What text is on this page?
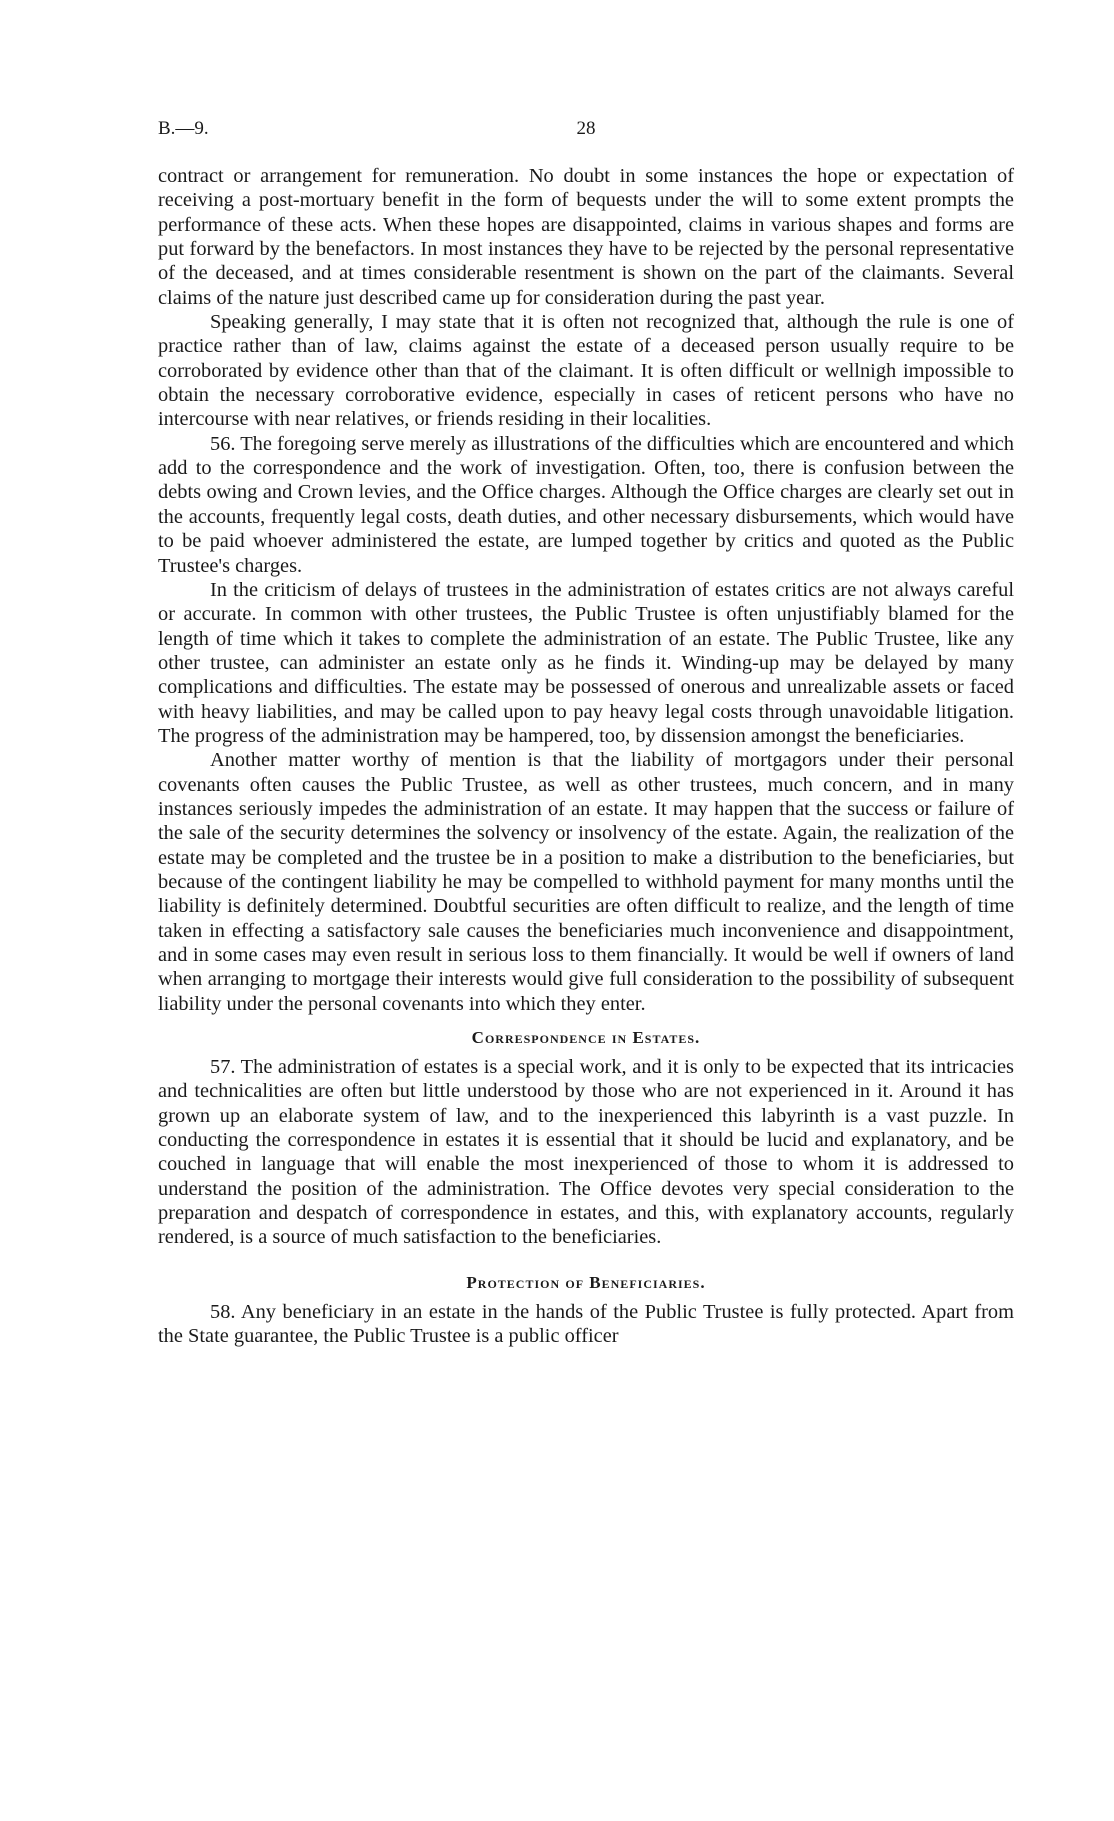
B.—9.	28

contract or arrangement for remuneration. No doubt in some instances the hope or expectation of receiving a post-mortuary benefit in the form of bequests under the will to some extent prompts the performance of these acts. When these hopes are disappointed, claims in various shapes and forms are put forward by the benefactors. In most instances they have to be rejected by the personal representative of the deceased, and at times considerable resentment is shown on the part of the claimants. Several claims of the nature just described came up for consideration during the past year.

Speaking generally, I may state that it is often not recognized that, although the rule is one of practice rather than of law, claims against the estate of a deceased person usually require to be corroborated by evidence other than that of the claimant. It is often difficult or wellnigh impossible to obtain the necessary corroborative evidence, especially in cases of reticent persons who have no intercourse with near relatives, or friends residing in their localities.

56. The foregoing serve merely as illustrations of the difficulties which are encountered and which add to the correspondence and the work of investigation. Often, too, there is confusion between the debts owing and Crown levies, and the Office charges. Although the Office charges are clearly set out in the accounts, frequently legal costs, death duties, and other necessary disbursements, which would have to be paid whoever administered the estate, are lumped together by critics and quoted as the Public Trustee's charges.

In the criticism of delays of trustees in the administration of estates critics are not always careful or accurate. In common with other trustees, the Public Trustee is often unjustifiably blamed for the length of time which it takes to complete the administration of an estate. The Public Trustee, like any other trustee, can administer an estate only as he finds it. Winding-up may be delayed by many complications and difficulties. The estate may be possessed of onerous and unrealizable assets or faced with heavy liabilities, and may be called upon to pay heavy legal costs through unavoidable litigation. The progress of the administration may be hampered, too, by dissension amongst the beneficiaries.

Another matter worthy of mention is that the liability of mortgagors under their personal covenants often causes the Public Trustee, as well as other trustees, much concern, and in many instances seriously impedes the administration of an estate. It may happen that the success or failure of the sale of the security determines the solvency or insolvency of the estate. Again, the realization of the estate may be completed and the trustee be in a position to make a distribution to the beneficiaries, but because of the contingent liability he may be compelled to withhold payment for many months until the liability is definitely determined. Doubtful securities are often difficult to realize, and the length of time taken in effecting a satisfactory sale causes the beneficiaries much inconvenience and disappointment, and in some cases may even result in serious loss to them financially. It would be well if owners of land when arranging to mortgage their interests would give full consideration to the possibility of subsequent liability under the personal covenants into which they enter.

Correspondence in Estates.

57. The administration of estates is a special work, and it is only to be expected that its intricacies and technicalities are often but little understood by those who are not experienced in it. Around it has grown up an elaborate system of law, and to the inexperienced this labyrinth is a vast puzzle. In conducting the correspondence in estates it is essential that it should be lucid and explanatory, and be couched in language that will enable the most inexperienced of those to whom it is addressed to understand the position of the administration. The Office devotes very special consideration to the preparation and despatch of correspondence in estates, and this, with explanatory accounts, regularly rendered, is a source of much satisfaction to the beneficiaries.

Protection of Beneficiaries.

58. Any beneficiary in an estate in the hands of the Public Trustee is fully protected. Apart from the State guarantee, the Public Trustee is a public officer
